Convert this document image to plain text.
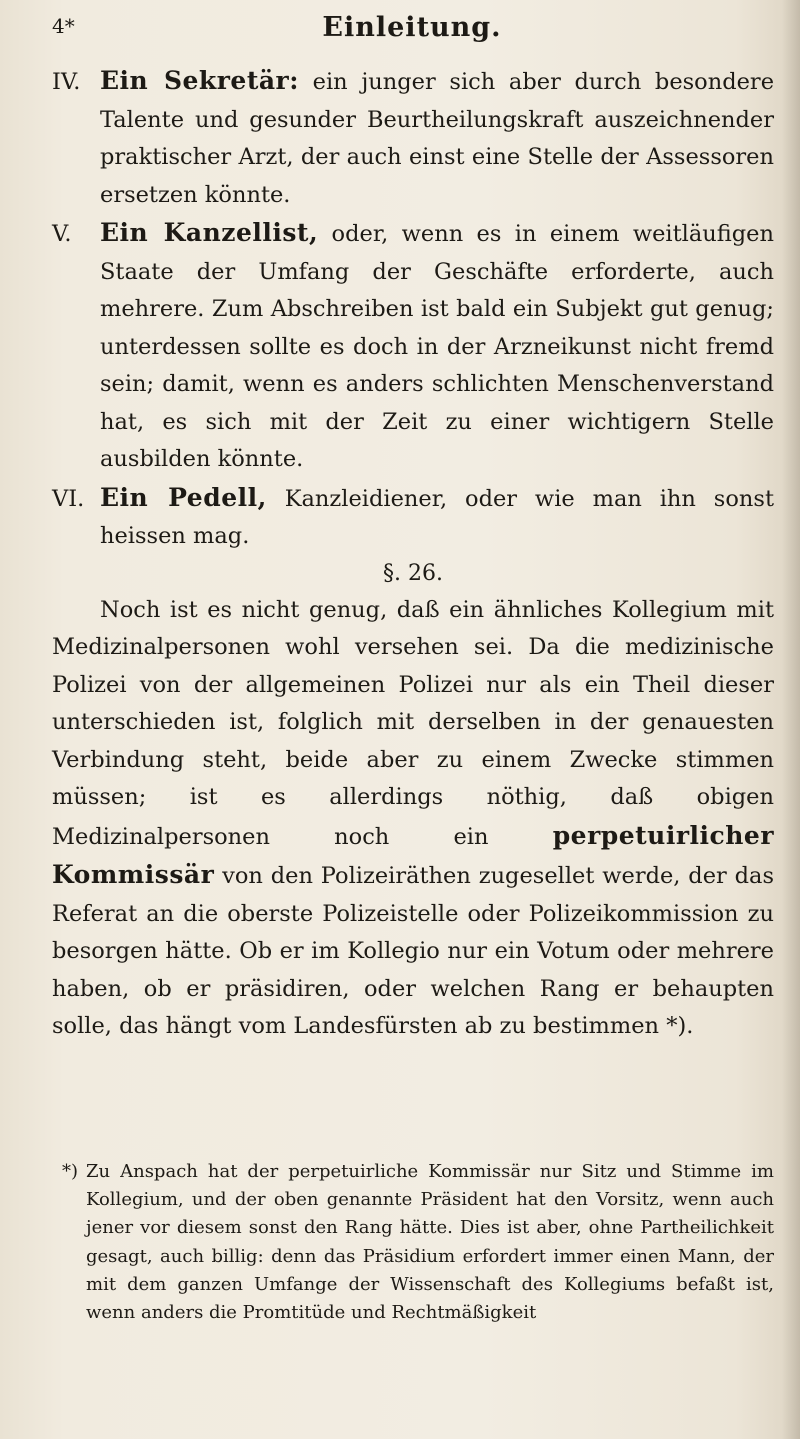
4*	Einleitung.

IV. Ein Sekretär: ein junger sich aber durch besondere Talente und gesunder Beurtheilungskraft auszeichnender praktischer Arzt, der auch einst eine Stelle der Assessoren ersetzen könnte.

V. Ein Kanzellist, oder, wenn es in einem weitläufigen Staate der Umfang der Geschäfte erforderte, auch mehrere. Zum Abschreiben ist bald ein Subjekt gut genug; unterdessen sollte es doch in der Arzneikunst nicht fremd sein; damit, wenn es anders schlichten Menschenverstand hat, es sich mit der Zeit zu einer wichtigern Stelle ausbilden könnte.

VI. Ein Pedell, Kanzleidiener, oder wie man ihn sonst heissen mag.

§. 26.

Noch ist es nicht genug, daß ein ähnliches Kollegium mit Medizinalpersonen wohl versehen sei. Da die medizinische Polizei von der allgemeinen Polizei nur als ein Theil dieser unterschieden ist, folglich mit derselben in der genauesten Verbindung steht, beide aber zu einem Zwecke stimmen müssen; ist es allerdings nöthig, daß obigen Medizinalpersonen noch ein perpetuirlicher Kommissär von den Polizeiräthen zugesellet werde, der das Referat an die oberste Polizeistelle oder Polizeikommission zu besorgen hätte. Ob er im Kollegio nur ein Votum oder mehrere haben, ob er präsidiren, oder welchen Rang er behaupten solle, das hängt vom Landesfürsten ab zu bestimmen *).

*) Zu Anspach hat der perpetuirliche Kommissär nur Sitz und Stimme im Kollegium, und der oben genannte Präsident hat den Vorsitz, wenn auch jener vor diesem sonst den Rang hätte. Dies ist aber, ohne Partheilichkeit gesagt, auch billig: denn das Präsidium erfordert immer einen Mann, der mit dem ganzen Umfange der Wissenschaft des Kollegiums befaßt ist, wenn anders die Promtitüde und Rechtmäßigkeit
